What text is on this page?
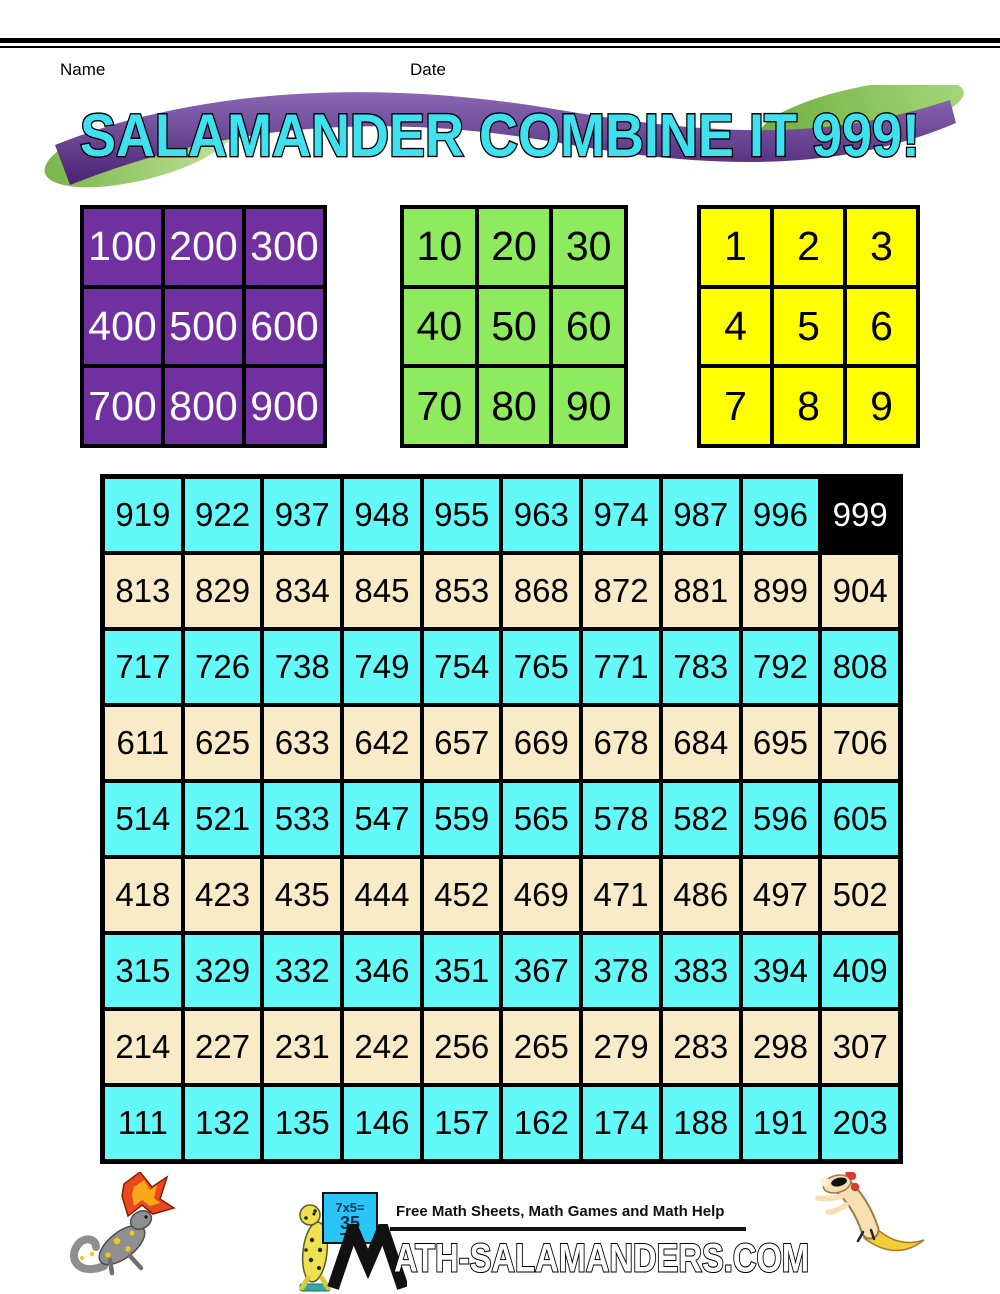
Name	Date
SALAMANDER COMBINE IT 999!
100 200 300
400 500 600
700 800 900
10 20 30
40 50 60
70 80 90
1	2	3
4	5	6
7	8	9
919 922 937 948 955 963 974 987 996 999
813 829 834 845 853 868 872 881 899 904
717 726 738 749 754 765 771 783 792 808
611 625 633 642 657 669 678 684 695 706
514 521 533 547 559 565 578 582 596 605
418 423 435 444 452 469 471 486 497 502
315 329 332 346 351 367 378 383 394 409
214 227 231 242 256 265 279 283 298 307
111 132 135 146 157 162 174 188 191 203
7x5=
35
Free Math Sheets, Math Games and Math Help
ATH-SALAMANDERS.COM
